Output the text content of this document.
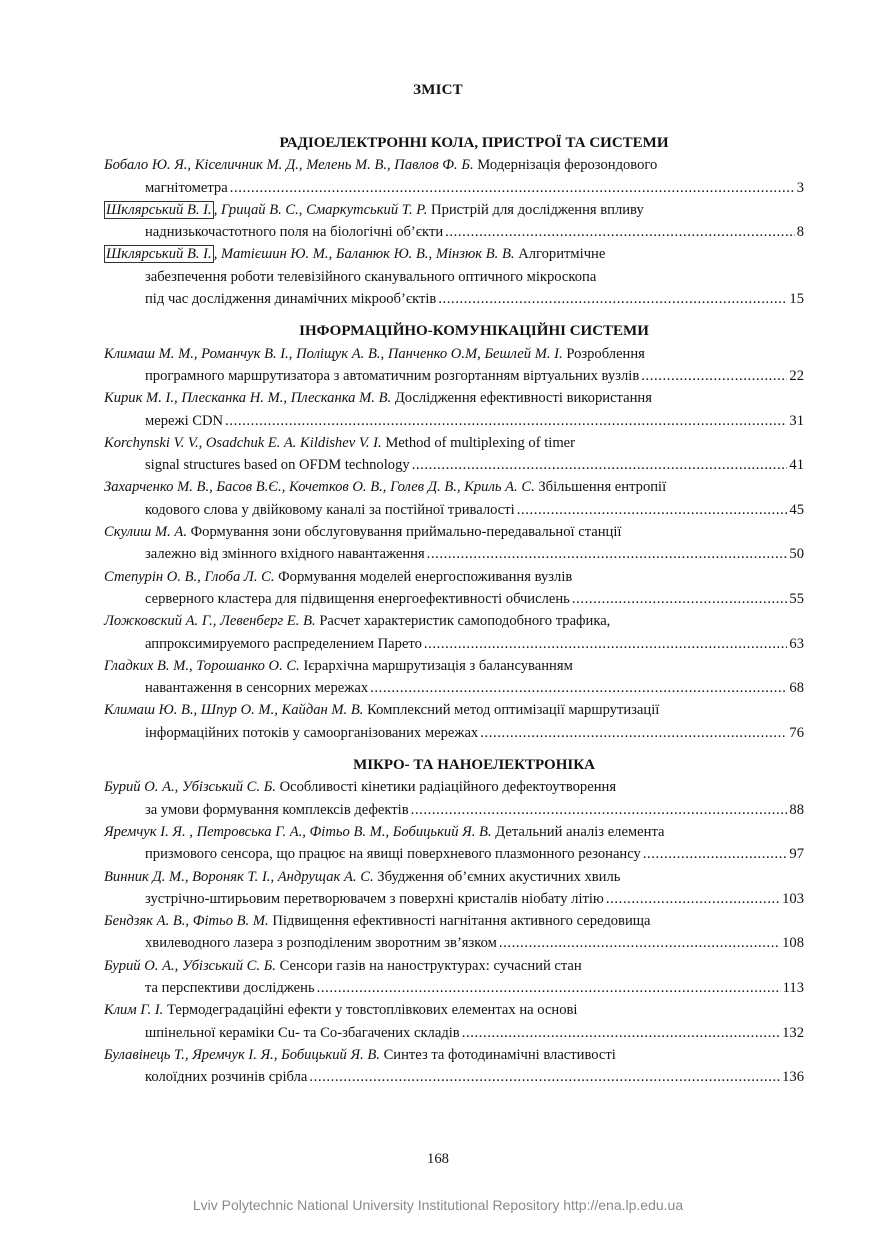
ЗМІСТ
РАДІОЕЛЕКТРОННІ КОЛА, ПРИСТРОЇ ТА СИСТЕМИ
Бобало Ю. Я., Кіселичник М. Д., Мелень М. В., Павлов Ф. Б. Модернізація ферозондового
магнітометра .....	3
Шклярський В. І. , Грицай В. С., Смаркутський Т. Р. Пристрій для дослідження впливу
наднизькочастотного поля на біологічні об’єкти .....	8
Шклярський В. І. , Матієшин Ю. М., Баланюк Ю. В., Мінзюк В. В. Алгоритмічне
забезпечення роботи телевізійного сканувального оптичного мікроскопа
під час дослідження динамічних мікрооб’єктів .....	15
ІНФОРМАЦІЙНО-КОМУНІКАЦІЙНІ СИСТЕМИ
Климаш М. М., Романчук В. І., Поліщук А. В., Панченко О.М, Бешлей М. І. Розроблення
програмного маршрутизатора з автоматичним розгортанням віртуальних вузлів .....	22
Кирик М. І., Плесканка Н. М., Плесканка М. В. Дослідження ефективності використання
мережі CDN .....	31
Korchynski V. V., Osadchuk E. A. Kildishev V. I. Method of multiplexing of timer
signal structures based on OFDM technology .....	41
Захарченко М. В., Басов В.Є., Кочетков О. В., Голев Д. В., Криль А. С. Збільшення ентропії
кодового слова у двійковому каналі за постійної тривалості .....	45
Скулиш М. А. Формування зони обслуговування приймально-передавальної станції
залежно від змінного вхідного навантаження .....	50
Степурін О. В., Глоба Л. С. Формування моделей енергоспоживання вузлів
серверного кластера для підвищення енергоефективності обчислень .....	55
Ложковский А. Г., Левенберг Е. В. Расчет характеристик самоподобного трафика,
аппроксимируемого распределением Парето .....	63
Гладких В. М., Торошанко О. С. Ієрархічна маршрутизація з балансуванням
навантаження в сенсорних мережах .....	68
Климаш Ю. В., Шпур О. М., Кайдан М. В. Комплексний метод оптимізації маршрутизації
інформаційних потоків у самоорганізованих мережах .....	76
МІКРО- ТА НАНОЕЛЕКТРОНІКА
Бурий О. А., Убізський С. Б. Особливості кінетики радіаційного дефектоутворення
за умови формування комплексів дефектів .....	88
Яремчук І. Я. , Петровська Г. А., Фітьо В. М., Бобицький Я. В. Детальний аналіз елемента
призмового сенсора, що працює на явищі поверхневого плазмонного резонансу .....	97
Винник Д. М., Вороняк Т. І., Андрущак А. С. Збудження об’ємних акустичних хвиль
зустрічно-штирьовим перетворювачем з поверхні кристалів ніобату літію .....	103
Бендзяк А. В., Фітьо В. М. Підвищення ефективності нагнітання активного середовища
хвилеводного лазера з розподіленим зворотним зв’язком .....	108
Бурий О. А., Убізський С. Б. Сенсори газів на наноструктурах: сучасний стан
та перспективи досліджень .....	113
Клим Г. І. Термодеградаційні ефекти у товстоплівкових елементах на основі
шпінельної кераміки Cu- та Co-збагачених складів .....	132
Булавінець Т., Яремчук І. Я., Бобицький Я. В. Синтез та фотодинамічні властивості
колоїдних розчинів срібла .....	136
168
Lviv Polytechnic National University Institutional Repository http://ena.lp.edu.ua
